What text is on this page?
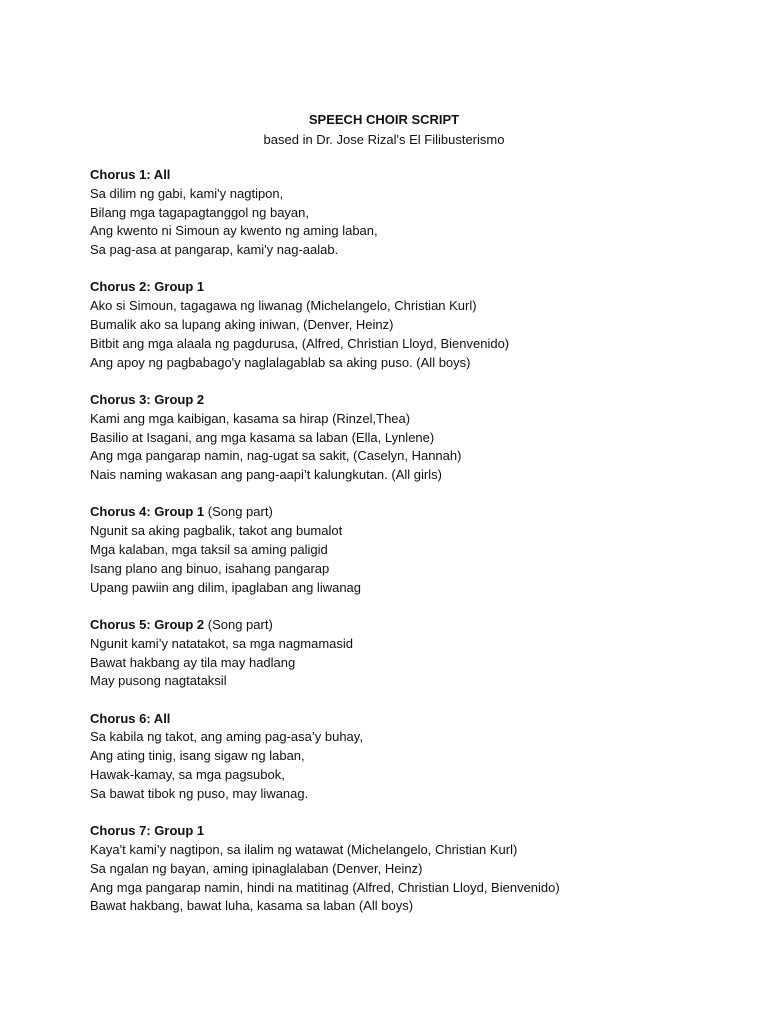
SPEECH CHOIR SCRIPT

based in Dr. Jose Rizal's El Filibusterismo

Chorus 1: All

Sa dilim ng gabi, kami'y nagtipon,

Bilang mga tagapagtanggol ng bayan,

Ang kwento ni Simoun ay kwento ng aming laban,

Sa pag-asa at pangarap, kami'y nag-aalab.

Chorus 2: Group 1

Ako si Simoun, tagagawa ng liwanag (Michelangelo, Christian Kurl)

Bumalik ako sa lupang aking iniwan, (Denver, Heinz)

Bitbit ang mga alaala ng pagdurusa, (Alfred, Christian Lloyd, Bienvenido)

Ang apoy ng pagbabago'y naglalagablab sa aking puso. (All boys)

Chorus 3: Group 2

Kami ang mga kaibigan, kasama sa hirap (Rinzel,Thea)

Basilio at Isagani, ang mga kasama sa laban (Ella, Lynlene)

Ang mga pangarap namin, nag-ugat sa sakit, (Caselyn, Hannah)

Nais naming wakasan ang pang-aapi’t kalungkutan. (All girls)

Chorus 4: Group 1 (Song part)

Ngunit sa aking pagbalik, takot ang bumalot

Mga kalaban, mga taksil sa aming paligid

Isang plano ang binuo, isahang pangarap

Upang pawiin ang dilim, ipaglaban ang liwanag

Chorus 5: Group 2 (Song part)

Ngunit kami’y natatakot, sa mga nagmamasid

Bawat hakbang ay tila may hadlang

May pusong nagtataksil

Chorus 6: All

Sa kabila ng takot, ang aming pag-asa’y buhay,

Ang ating tinig, isang sigaw ng laban,

Hawak-kamay, sa mga pagsubok,

Sa bawat tibok ng puso, may liwanag.

Chorus 7: Group 1

Kaya't kami’y nagtipon, sa ilalim ng watawat (Michelangelo, Christian Kurl)

Sa ngalan ng bayan, aming ipinaglalaban (Denver, Heinz)

Ang mga pangarap namin, hindi na matitinag (Alfred, Christian Lloyd, Bienvenido)

Bawat hakbang, bawat luha, kasama sa laban (All boys)
